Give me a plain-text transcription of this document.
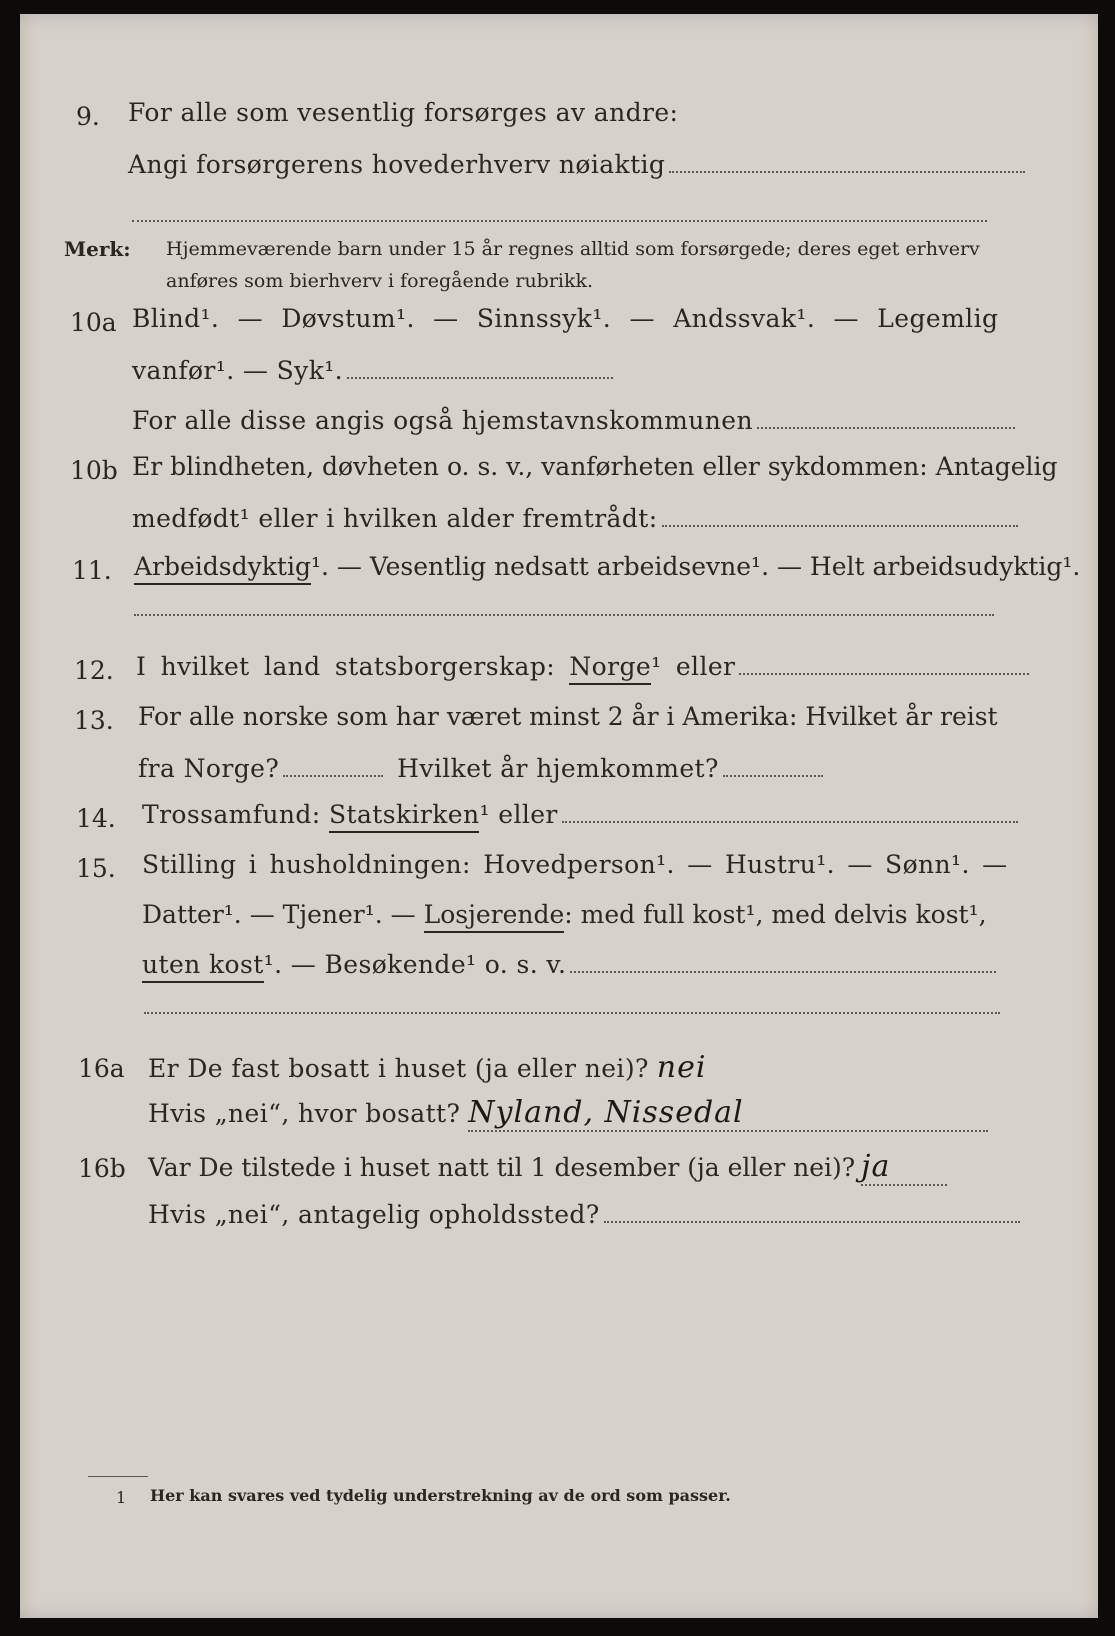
9. For alle som vesentlig forsørges av andre:
Angi forsørgerens hovederhverv nøiaktig
Merk: Hjemmeværende barn under 15 år regnes alltid som forsørgede; deres eget erhverv
anføres som bierhverv i foregående rubrikk.
10a Blind¹. — Døvstum¹. — Sinnssyk¹. — Andssvak¹. — Legemlig
vanfør¹. — Syk¹.
For alle disse angis også hjemstavnskommunen
10b Er blindheten, døvheten o. s. v., vanførheten eller sykdommen: Antagelig
medfødt¹ eller i hvilken alder fremtrådt:
11. Arbeidsdyktig¹. — Vesentlig nedsatt arbeidsevne¹. — Helt arbeidsudyktig¹.
12. I hvilket land statsborgerskap: Norge¹ eller
13. For alle norske som har været minst 2 år i Amerika: Hvilket år reist
fra Norge?	Hvilket år hjemkommet?
14. Trossamfund: Statskirken¹ eller
15. Stilling i husholdningen: Hovedperson¹. — Hustru¹. — Sønn¹. —
Datter¹. — Tjener¹. — Losjerende: med full kost¹, med delvis kost¹,
uten kost¹. — Besøkende¹ o. s. v.
16a Er De fast bosatt i huset (ja eller nei)? nei
Hvis „nei“, hvor bosatt? Nyland, Nissedal
16b Var De tilstede i huset natt til 1 desember (ja eller nei)? ja
Hvis „nei“, antagelig opholdssted?
1 Her kan svares ved tydelig understrekning av de ord som passer.
